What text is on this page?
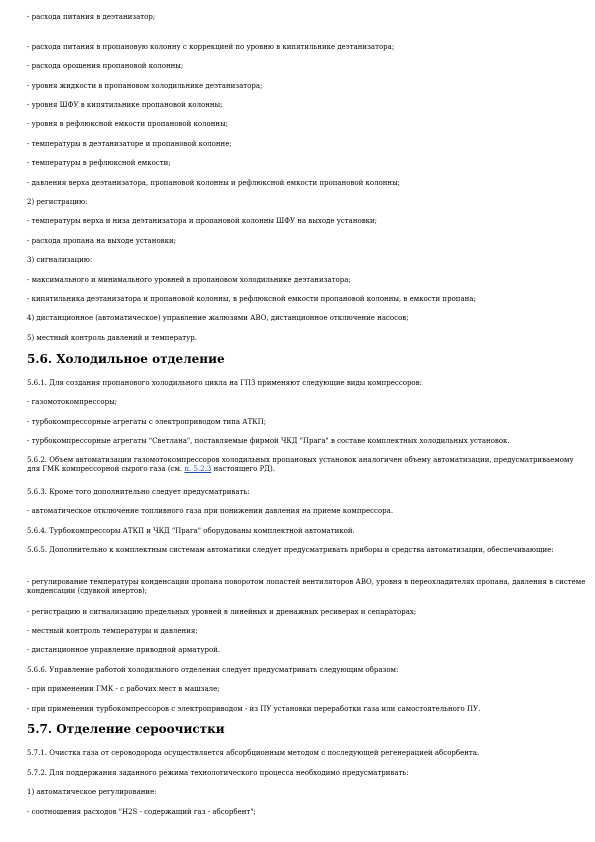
- расхода питания в деэтанизатор;
- расхода питания в пропановую колонну с коррекцией по уровню в кипятильнике деэтанизатора;
- расхода орошения пропановой колонны;
- уровня жидкости в пропановом холодильнике деэтанизатора;
- уровня ШФУ в кипятильнике пропановой колонны;
- уровня в рефлюксной емкости пропановой колонны;
- температуры в деэтанизаторе и пропановой колонне;
- температуры в рефлюксной емкости;
- давления верха деэтанизатора, пропановой колонны и рефлюксной емкости пропановой колонны;
2) регистрацию:
- температуры верха и низа деэтанизатора и пропановой колонны ШФУ на выходе установки;
- расхода пропана на выходе установки;
3) сигнализацию:
- максимального и минимального уровней в пропановом холодильнике деэтанизатора;
- кипятильника деэтанизатора и пропановой колонны, в рефлюксной емкости пропановой колонны, в емкости пропана;
4) дистанционное (автоматическое) управление жалюзями АВО, дистанционное отключение насосов;
5) местный контроль давлений и температур.
5.6. Холодильное отделение
5.6.1. Для создания пропанового холодильного цикла на ГПЗ применяют следующие виды компрессоров:
- газомотокомпрессоры;
- турбокомпрессорные агрегаты с электроприводом типа АТКП;
- турбокомпрессорные агрегаты "Светлана", поставляемые фирмой ЧКД "Прага" в составе комплектных холодильных установок.
5.6.2. Объем автоматизации газомотокомпрессоров холодильных пропановых установок аналогичен объему автоматизации, предусматриваемому для ГМК компрессорной сырого газа (см. п. 5.2.3 настоящего РД).
5.6.3. Кроме того дополнительно следует предусматривать:
- автоматическое отключение топливного газа при понижении давления на приеме компрессора.
5.6.4. Турбокомпрессоры АТКП и ЧКД "Прага" оборудованы комплектной автоматикой.
5.6.5. Дополнительно к комплектным системам автоматики следует предусматривать приборы и средства автоматизации, обеспечивающие:
- регулирование температуры конденсации пропана поворотом лопастей вентиляторов АВО, уровня в переохладителях пропана, давления в системе конденсации (сдувкой инертов);
- регистрацию и сигнализацию предельных уровней в линейных и дренажных ресиверах и сепараторах;
- местный контроль температуры и давления;
- дистанционное управление приводной арматурой.
5.6.6. Управление работой холодильного отделения следует предусматривать следующим образом:
- при применении ГМК - с рабочих мест в машзале;
- при применении турбокомпрессоров с электроприводом - из ПУ установки переработки газа или самостоятельного ПУ.
5.7. Отделение сероочистки
5.7.1. Очистка газа от сероводорода осуществляется абсорбционным методом с последующей регенерацией абсорбента.
5.7.2. Для поддержания заданного режима технологического процесса необходимо предусматривать:
1) автоматическое регулирование:
- соотношения расходов "H2S - содержащий газ - абсорбент";
